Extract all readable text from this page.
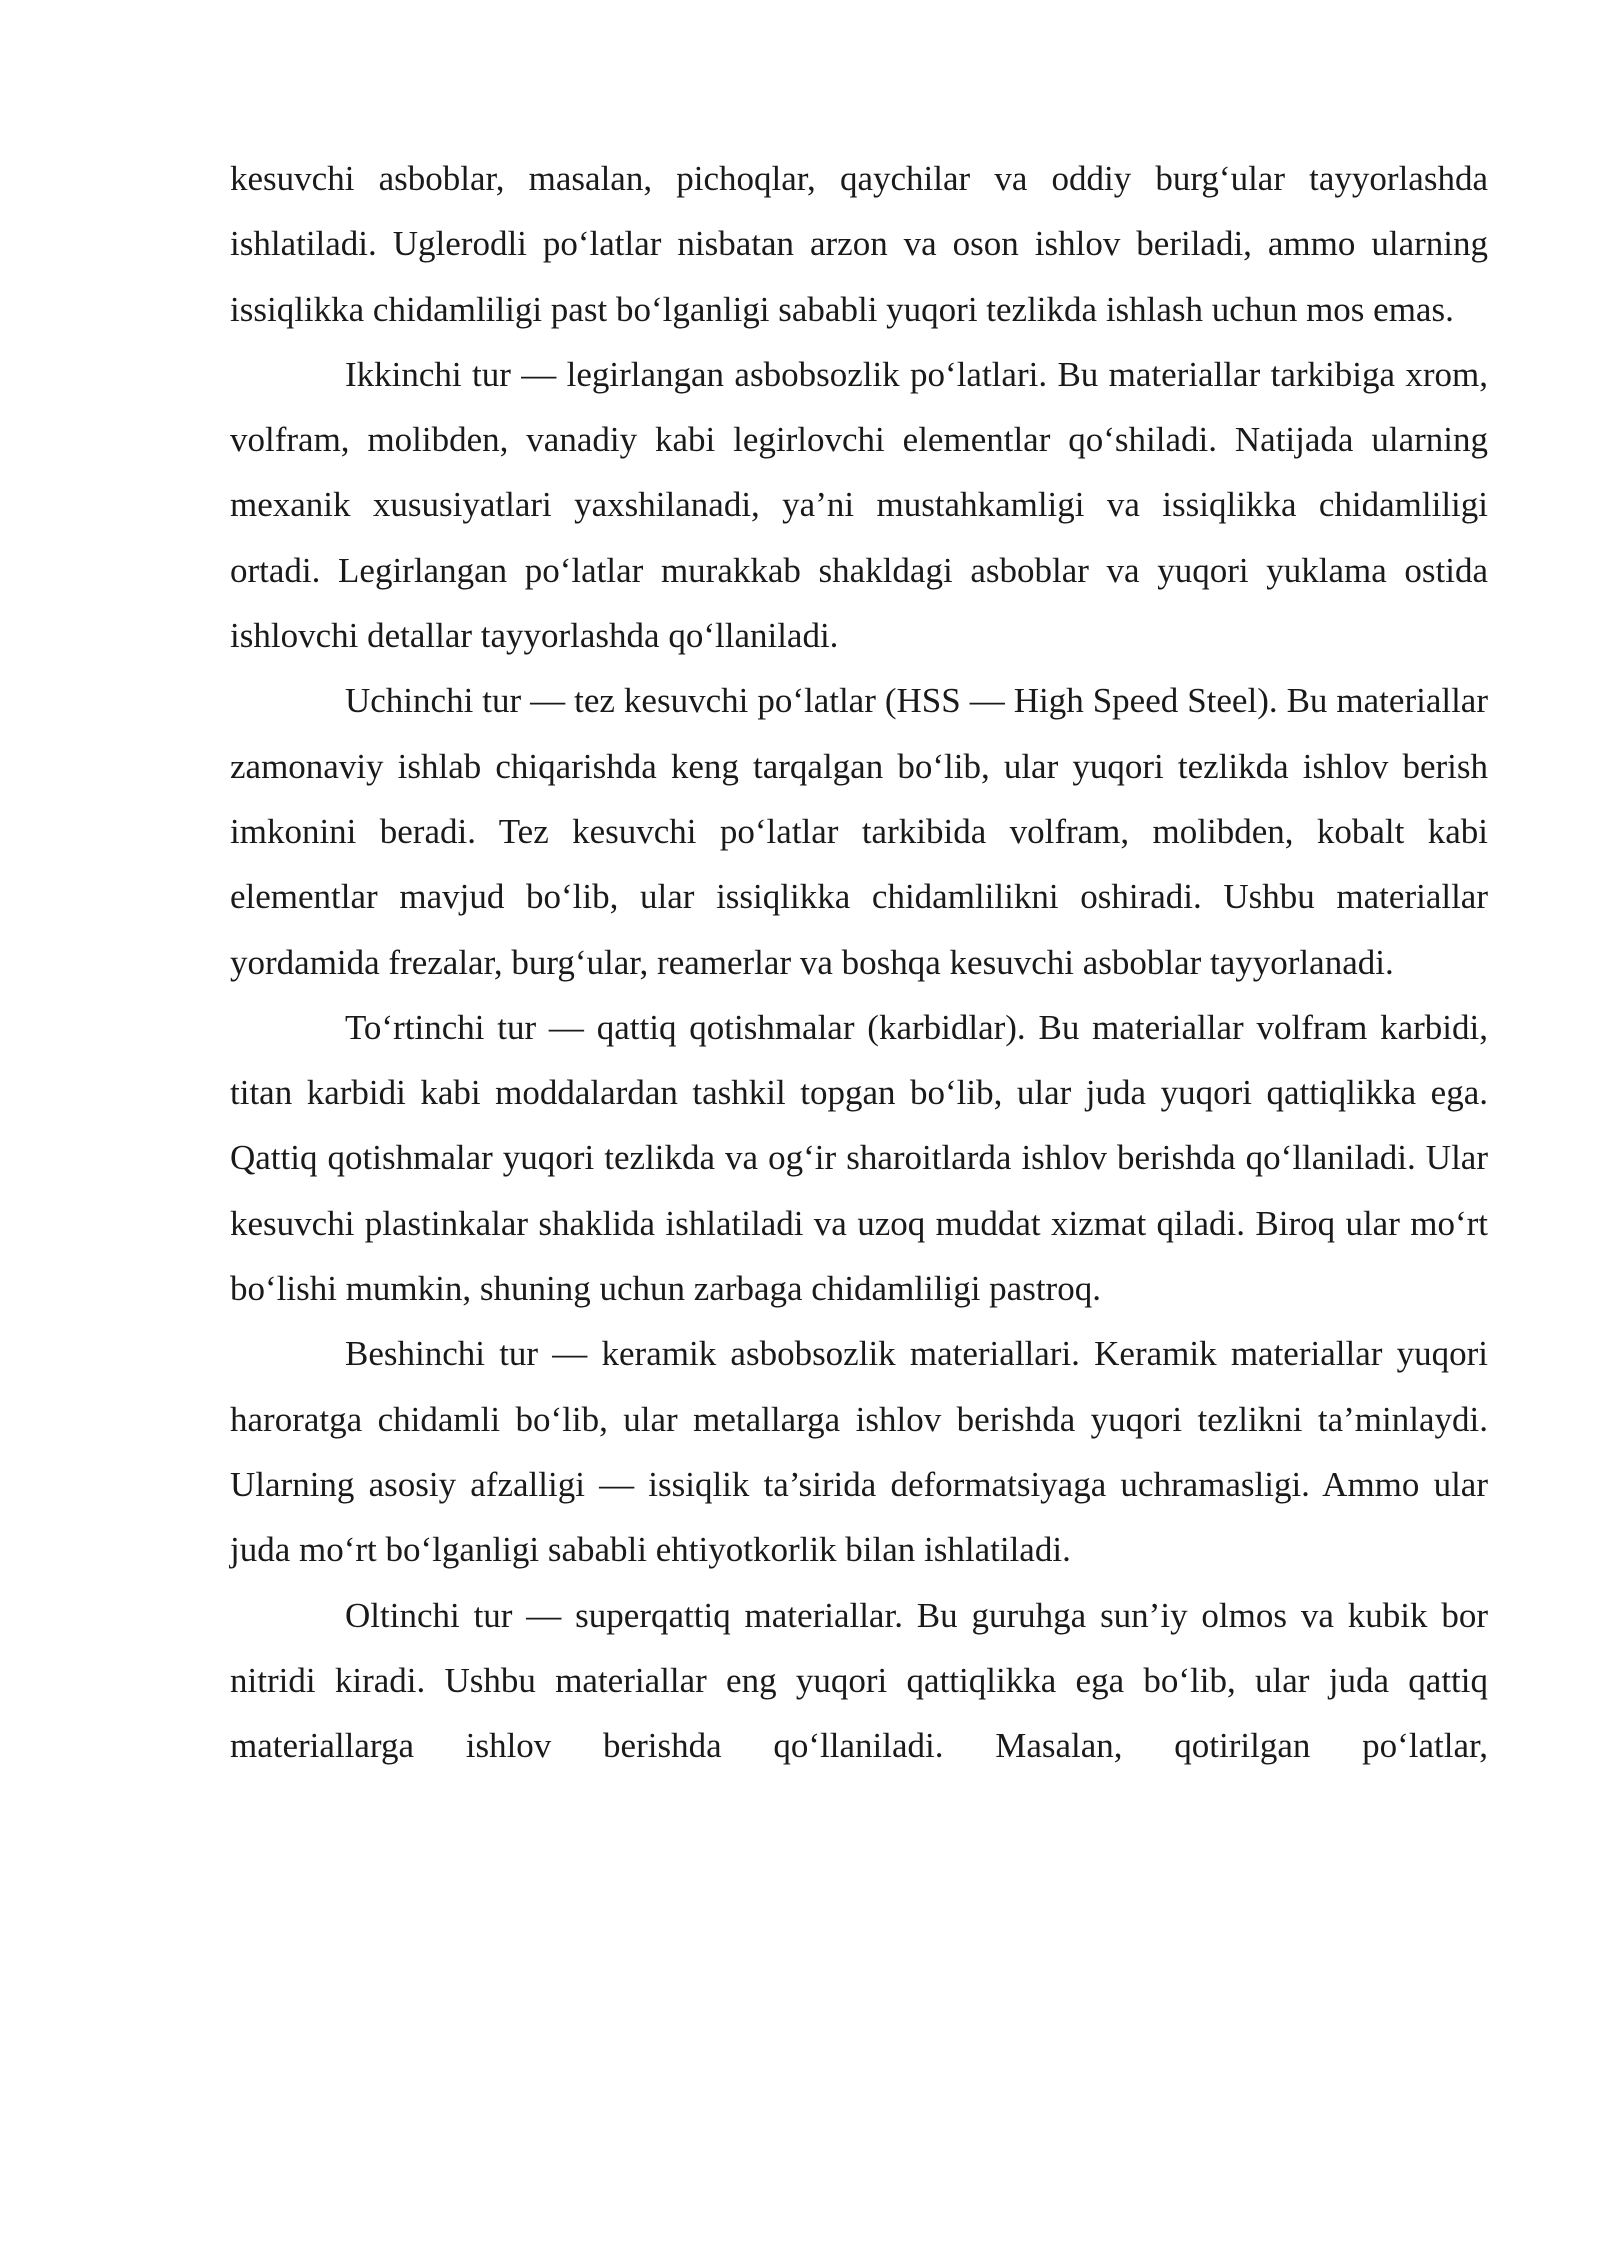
kesuvchi asboblar, masalan, pichoqlar, qaychilar va oddiy burg‘ular tayyorlashda ishlatiladi. Uglerodli po‘latlar nisbatan arzon va oson ishlov beriladi, ammo ularning issiqlikka chidamliligi past bo‘lganligi sababli yuqori tezlikda ishlash uchun mos emas.

Ikkinchi tur — legirlangan asbobsozlik po‘latlari. Bu materiallar tarkibiga xrom, volfram, molibden, vanadiy kabi legirlovchi elementlar qo‘shiladi. Natijada ularning mexanik xususiyatlari yaxshilanadi, ya’ni mustahkamligi va issiqlikka chidamliligi ortadi. Legirlangan po‘latlar murakkab shakldagi asboblar va yuqori yuklama ostida ishlovchi detallar tayyorlashda qo‘llaniladi.

Uchinchi tur — tez kesuvchi po‘latlar (HSS — High Speed Steel). Bu materiallar zamonaviy ishlab chiqarishda keng tarqalgan bo‘lib, ular yuqori tezlikda ishlov berish imkonini beradi. Tez kesuvchi po‘latlar tarkibida volfram, molibden, kobalt kabi elementlar mavjud bo‘lib, ular issiqlikka chidamlilikni oshiradi. Ushbu materiallar yordamida frezalar, burg‘ular, reamerlar va boshqa kesuvchi asboblar tayyorlanadi.

To‘rtinchi tur — qattiq qotishmalar (karbidlar). Bu materiallar volfram karbidi, titan karbidi kabi moddalardan tashkil topgan bo‘lib, ular juda yuqori qattiqlikka ega. Qattiq qotishmalar yuqori tezlikda va og‘ir sharoitlarda ishlov berishda qo‘llaniladi. Ular kesuvchi plastinkalar shaklida ishlatiladi va uzoq muddat xizmat qiladi. Biroq ular mo‘rt bo‘lishi mumkin, shuning uchun zarbaga chidamliligi pastroq.

Beshinchi tur — keramik asbobsozlik materiallari. Keramik materiallar yuqori haroratga chidamli bo‘lib, ular metallarga ishlov berishda yuqori tezlikni ta’minlaydi. Ularning asosiy afzalligi — issiqlik ta’sirida deformatsiyaga uchramasligi. Ammo ular juda mo‘rt bo‘lganligi sababli ehtiyotkorlik bilan ishlatiladi.

Oltinchi tur — superqattiq materiallar. Bu guruhga sun’iy olmos va kubik bor nitridi kiradi. Ushbu materiallar eng yuqori qattiqlikka ega bo‘lib, ular juda qattiq materiallarga ishlov berishda qo‘llaniladi. Masalan, qotirilgan po‘latlar,
